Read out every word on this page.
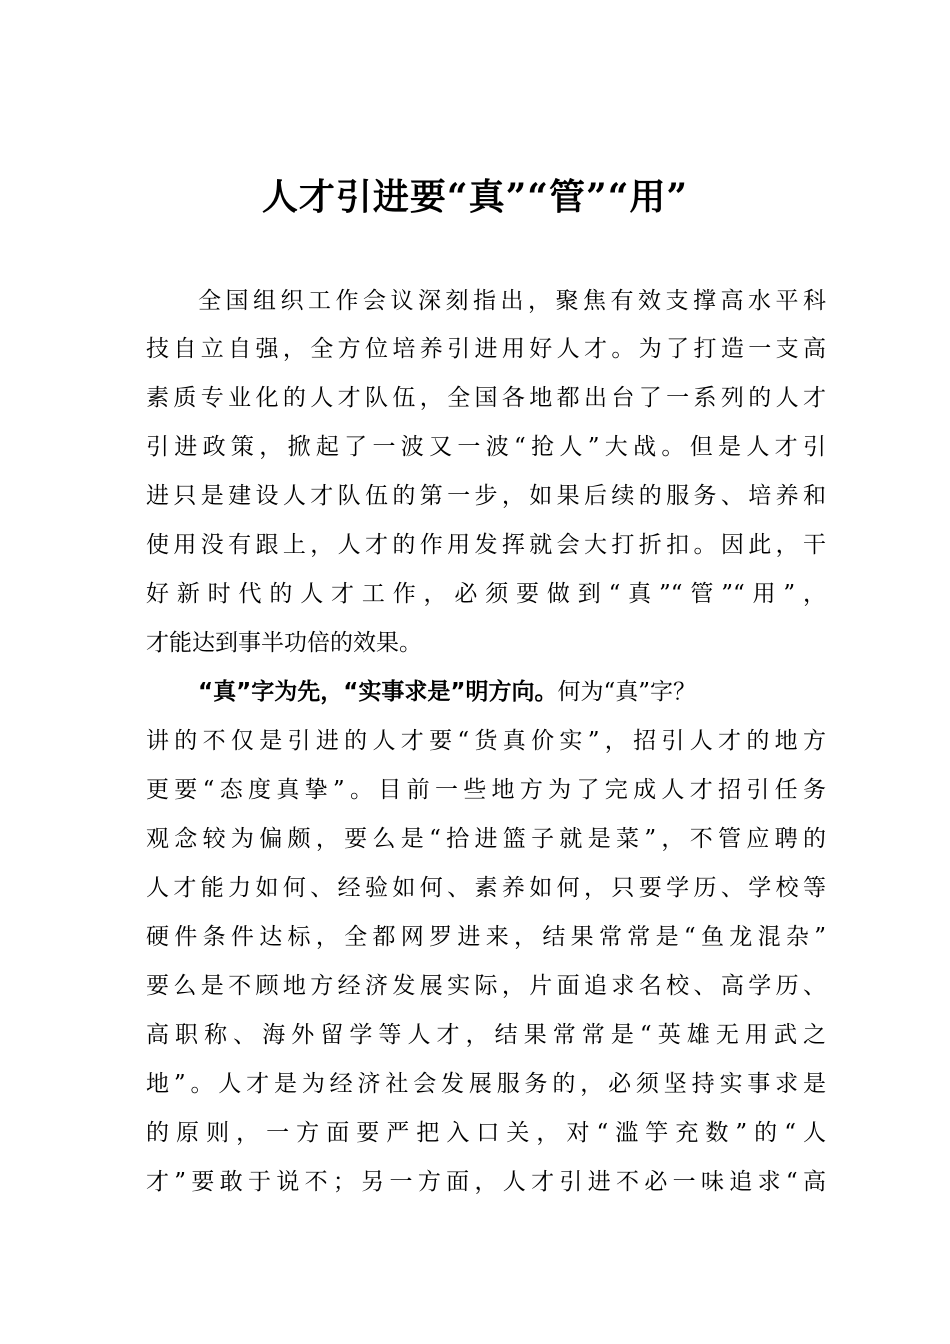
人才引进要“真”“管”“用”
全国组织工作会议深刻指出，聚焦有效支撑高水平科
技自立自强，全方位培养引进用好人才。为了打造一支高
素质专业化的人才队伍，全国各地都出台了一系列的人才
引进政策，掀起了一波又一波“抢人”大战。但是人才引
进只是建设人才队伍的第一步，如果后续的服务、培养和
使用没有跟上，人才的作用发挥就会大打折扣。因此，干
好新时代的人才工作，必须要做到“真”“管”“用”，
才能达到事半功倍的效果。
“真”字为先，“实事求是”明方向。何为“真”字？
讲的不仅是引进的人才要“货真价实”，招引人才的地方
更要“态度真挚”。目前一些地方为了完成人才招引任务
观念较为偏颇，要么是“拾进篮子就是菜”，不管应聘的
人才能力如何、经验如何、素养如何，只要学历、学校等
硬件条件达标，全都网罗进来，结果常常是“鱼龙混杂”
要么是不顾地方经济发展实际，片面追求名校、高学历、
高职称、海外留学等人才，结果常常是“英雄无用武之
地”。人才是为经济社会发展服务的，必须坚持实事求是
的原则，一方面要严把入口关，对“滥竽充数”的“人
才”要敢于说不；另一方面，人才引进不必一味追求“高
